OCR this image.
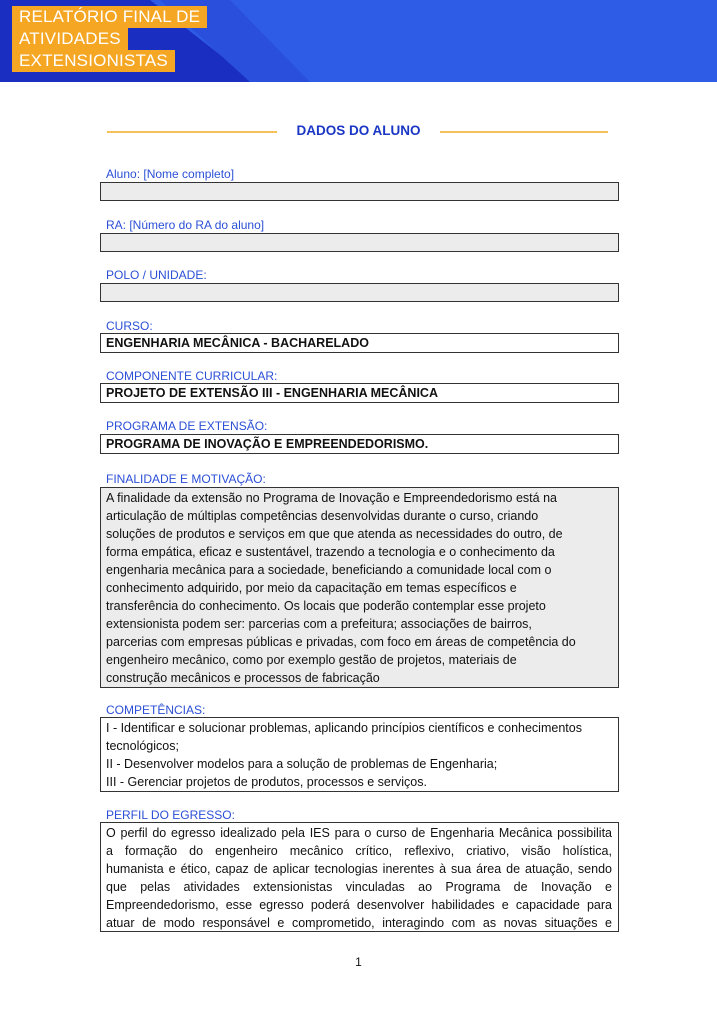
RELATÓRIO FINAL DE
ATIVIDADES
EXTENSIONISTAS
DADOS DO ALUNO
Aluno: [Nome completo]
RA: [Número do RA do aluno]
POLO / UNIDADE:
CURSO:
ENGENHARIA MECÂNICA - BACHARELADO
COMPONENTE CURRICULAR:
PROJETO DE EXTENSÃO III - ENGENHARIA MECÂNICA
PROGRAMA DE EXTENSÃO:
PROGRAMA DE INOVAÇÃO E EMPREENDEDORISMO.
FINALIDADE E MOTIVAÇÃO:
A finalidade da extensão no Programa de Inovação e Empreendedorismo está na
articulação de múltiplas competências desenvolvidas durante o curso, criando
soluções de produtos e serviços em que que atenda as necessidades do outro, de
forma empática, eficaz e sustentável, trazendo a tecnologia e o conhecimento da
engenharia mecânica para a sociedade, beneficiando a comunidade local com o
conhecimento adquirido, por meio da capacitação em temas específicos e
transferência do conhecimento. Os locais que poderão contemplar esse projeto
extensionista podem ser: parcerias com a prefeitura; associações de bairros,
parcerias com empresas públicas e privadas, com foco em áreas de competência do
engenheiro mecânico, como por exemplo gestão de projetos, materiais de
construção mecânicos e processos de fabricação
COMPETÊNCIAS:
I - Identificar e solucionar problemas, aplicando princípios científicos e conhecimentos
tecnológicos;
II - Desenvolver modelos para a solução de problemas de Engenharia;
III - Gerenciar projetos de produtos, processos e serviços.
PERFIL DO EGRESSO:
O perfil do egresso idealizado pela IES para o curso de Engenharia Mecânica possibilita
a formação do engenheiro mecânico crítico, reflexivo, criativo, visão holística,
humanista e ético, capaz de aplicar tecnologias inerentes à sua área de atuação, sendo
que pelas atividades extensionistas vinculadas ao Programa de Inovação e
Empreendedorismo, esse egresso poderá desenvolver habilidades e capacidade para
atuar de modo responsável e comprometido, interagindo com as novas situações e
1
